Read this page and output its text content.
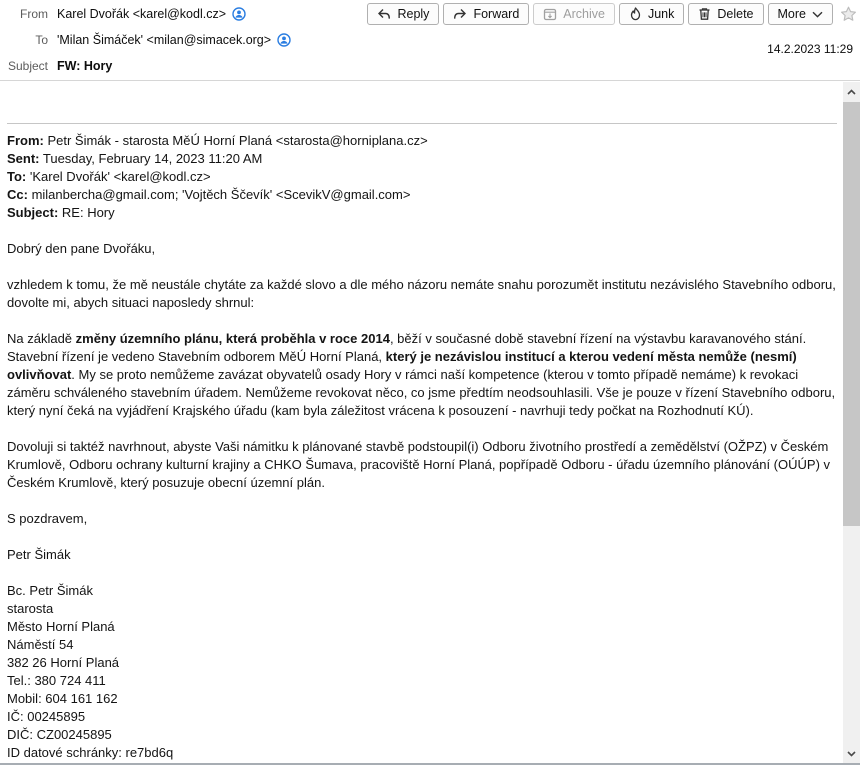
From Karel Dvořák <karel@kodl.cz>
To 'Milan Šimáček' <milan@simacek.org>
Subject FW: Hory
Reply	Forward	Archive	Junk	Delete More
14.2.2023 11:29
From: Petr Šimák - starosta MěÚ Horní Planá <starosta@horniplana.cz>
Sent: Tuesday, February 14, 2023 11:20 AM
To: 'Karel Dvořák' <karel@kodl.cz>
Cc: milanbercha@gmail.com; 'Vojtěch Ščevík' <ScevikV@gmail.com>
Subject: RE: Hory
Dobrý den pane Dvořáku,
vzhledem k tomu, že mě neustále chytáte za každé slovo a dle mého názoru nemáte snahu porozumět institutu nezávislého Stavebního odboru, dovolte mi, abych situaci naposledy shrnul:
Na základě změny územního plánu, která proběhla v roce 2014, běží v současné době stavební řízení na výstavbu karavanového stání. Stavební řízení je vedeno Stavebním odborem MěÚ Horní Planá, který je nezávislou institucí a kterou vedení města nemůže (nesmí) ovlivňovat. My se proto nemůžeme zavázat obyvatelů osady Hory v rámci naší kompetence (kterou v tomto případě nemáme) k revokaci záměru schváleného stavebním úřadem. Nemůžeme revokovat něco, co jsme předtím neodsouhlasili. Vše je pouze v řízení Stavebního odboru, který nyní čeká na vyjádření Krajského úřadu (kam byla záležitost vrácena k posouzení - navrhuji tedy počkat na Rozhodnutí KÚ).
Dovoluji si taktéž navrhnout, abyste Vaši námitku k plánované stavbě podstoupil(i) Odboru životního prostředí a zemědělství (OŽPZ) v Českém Krumlově, Odboru ochrany kulturní krajiny a CHKO Šumava, pracoviště Horní Planá, popřípadě Odboru - úřadu územního plánování (OÚÚP) v Českém Krumlově, který posuzuje obecní územní plán.
S pozdravem,
Petr Šimák
Bc. Petr Šimák
starosta
Město Horní Planá
Náměstí 54
382 26 Horní Planá
Tel.: 380 724 411
Mobil: 604 161 162
IČ: 00245895
DIČ: CZ00245895
ID datové schránky: re7bd6q
